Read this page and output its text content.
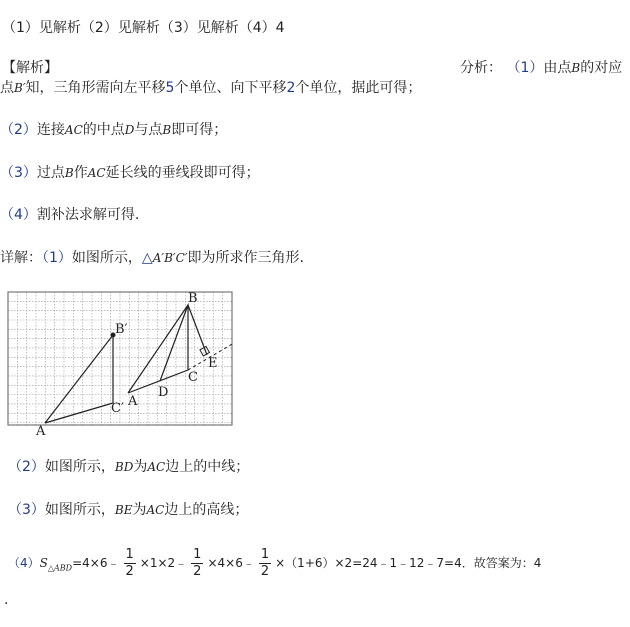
（1）见解析（2）见解析（3）见解析（4）4
【解析】	分析： （1）由点B的对应
点B′知，三角形需向左平移5个单位、向下平移2个单位，据此可得；
（2）连接AC的中点D与点B即可得；
（3）过点B作AC延长线的垂线段即可得；
（4）割补法求解可得.
详解：（1）如图所示，△A′B′C′即为所求作三角形.
B
B′
C
C′
A
A
D
E
（2）如图所示，BD为AC边上的中线；
（3）如图所示，BE为AC边上的高线；
$(4)S_{\triangle ABD}=4\times 6﹣ \frac{1}{2}$ ×1×2﹣ $\frac{1}{2}$ ×4×6﹣ $\frac{1}{2}$ ×（1+6）×2=24﹣1﹣12﹣7=4．故答案为：4
.
